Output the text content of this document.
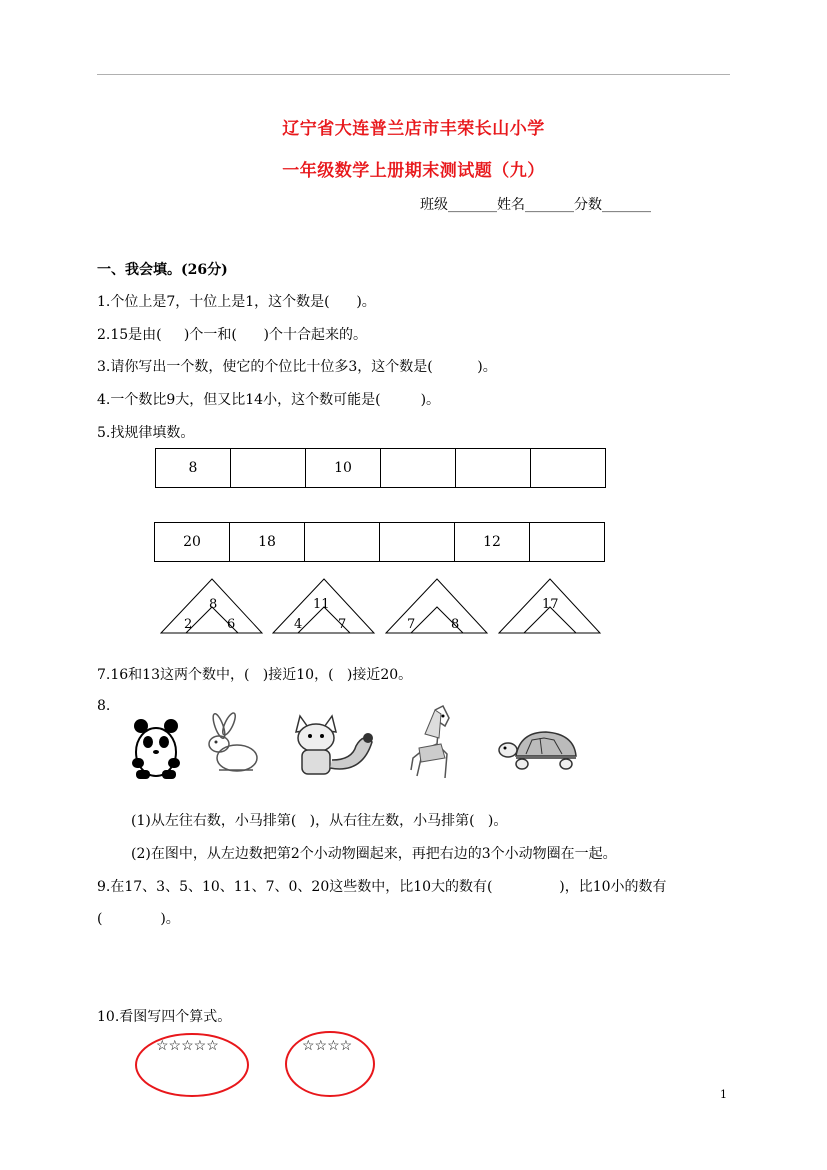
辽宁省大连普兰店市丰荣长山小学
一年级数学上册期末测试题（九）
班级_______姓名_______分数_______
一、我会填。(26分)
1.个位上是7，十位上是1，这个数是(      )。
2.15是由(     )个一和(      )个十合起来的。
3.请你写出一个数，使它的个位比十位多3，这个数是(          )。
4.一个数比9大，但又比14小，这个数可能是(         )。
5.找规律填数。
8		10			
20	18			12	
8
2	6
11
4	7	7	8
17
7.16和13这两个数中，(   )接近10，(   )接近20。
8.
(1)从左往右数，小马排第(   )，从右往左数，小马排第(   )。
(2)在图中，从左边数把第2个小动物圈起来，再把右边的3个小动物圈在一起。
9.在17、3、5、10、11、7、0、20这些数中，比10大的数有(               )，比10小的数有
(             )。
10.看图写四个算式。
☆☆☆☆☆	☆☆☆☆
1
